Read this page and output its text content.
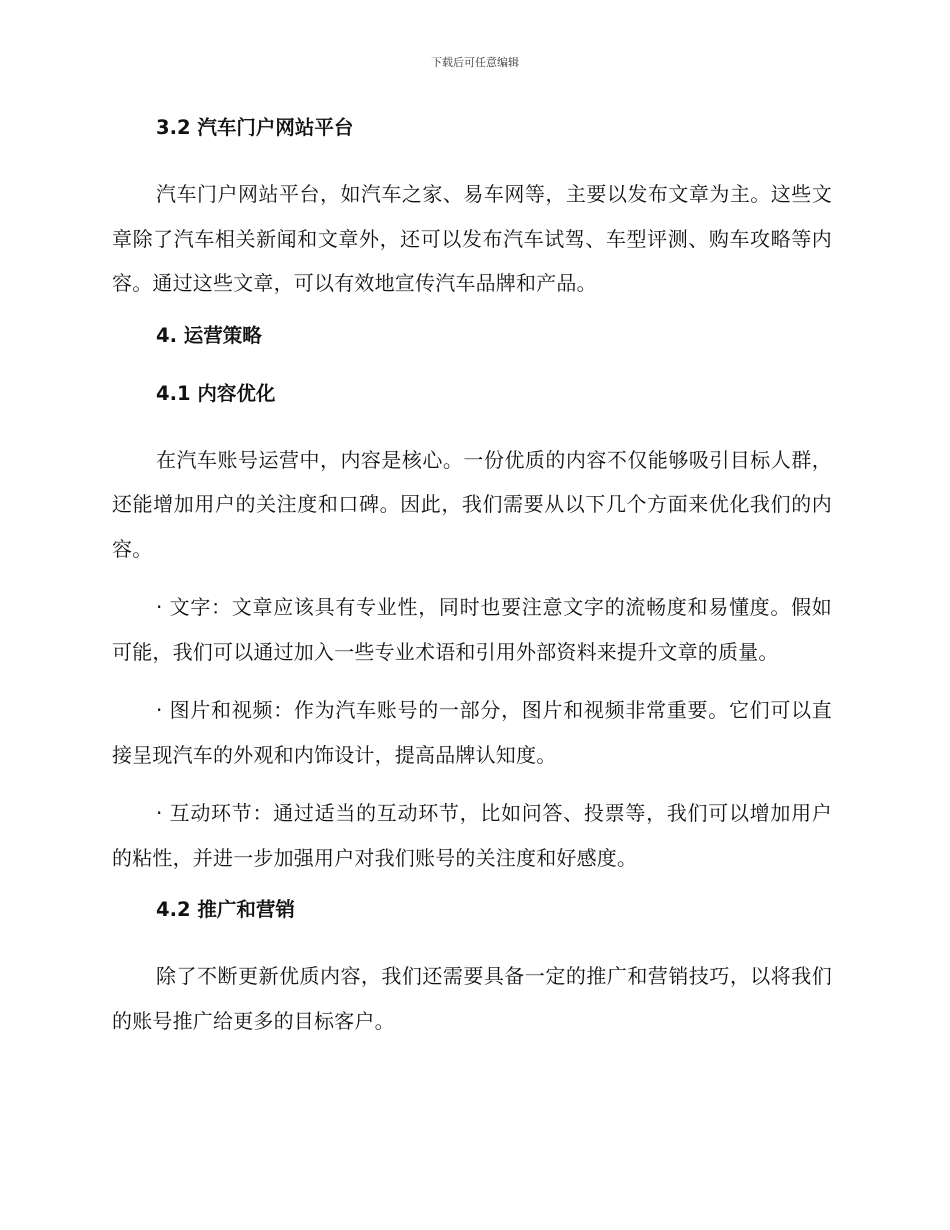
下载后可任意编辑
3.2 汽车门户网站平台

汽车门户网站平台，如汽车之家、易车网等，主要以发布文章为主。这些文章除了汽车相关新闻和文章外，还可以发布汽车试驾、车型评测、购车攻略等内容。通过这些文章，可以有效地宣传汽车品牌和产品。

4. 运营策略
4.1 内容优化

在汽车账号运营中，内容是核心。一份优质的内容不仅能够吸引目标人群，还能增加用户的关注度和口碑。因此，我们需要从以下几个方面来优化我们的内容。

· 文字：文章应该具有专业性，同时也要注意文字的流畅度和易懂度。假如可能，我们可以通过加入一些专业术语和引用外部资料来提升文章的质量。

· 图片和视频：作为汽车账号的一部分，图片和视频非常重要。它们可以直接呈现汽车的外观和内饰设计，提高品牌认知度。

· 互动环节：通过适当的互动环节，比如问答、投票等，我们可以增加用户的粘性，并进一步加强用户对我们账号的关注度和好感度。

4.2 推广和营销

除了不断更新优质内容，我们还需要具备一定的推广和营销技巧，以将我们的账号推广给更多的目标客户。
